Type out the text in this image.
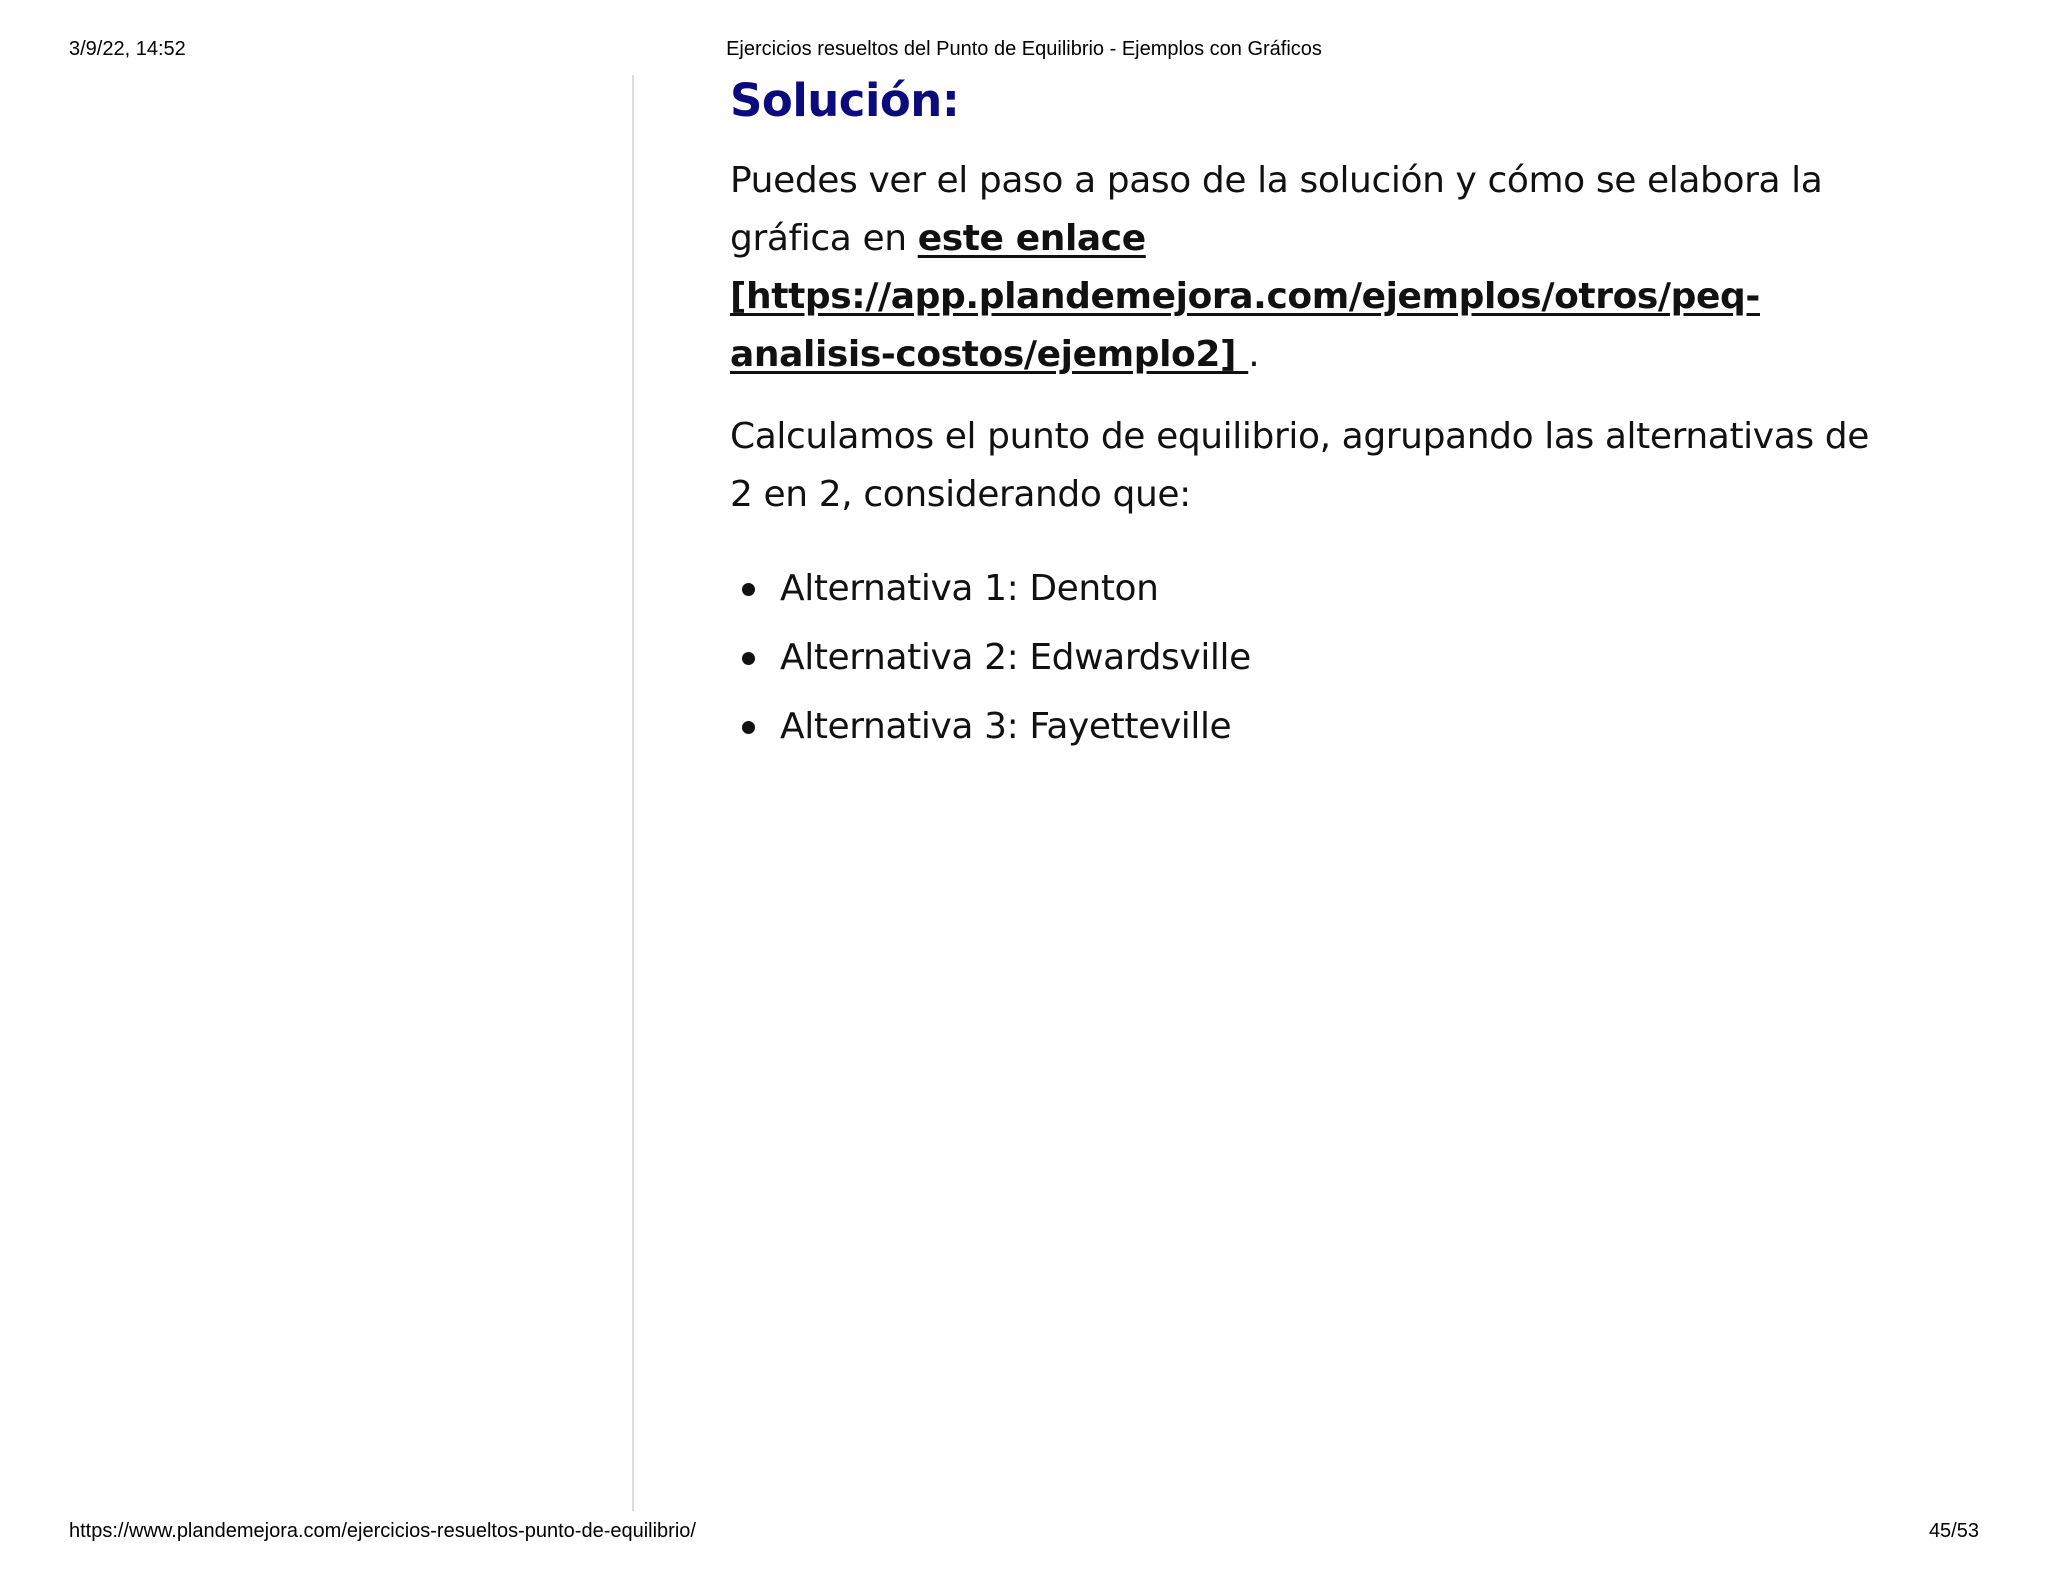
3/9/22, 14:52	Ejercicios resueltos del Punto de Equilibrio - Ejemplos con Gráficos
Solución:

Puedes ver el paso a paso de la solución y cómo se elabora la gráfica en este enlace [https://app.plandemejora.com/ejemplos/otros/peq-analisis-costos/ejemplo2] .

Calculamos el punto de equilibrio, agrupando las alternativas de 2 en 2, considerando que:

Alternativa 1: Denton
Alternativa 2: Edwardsville
Alternativa 3: Fayetteville
https://www.plandemejora.com/ejercicios-resueltos-punto-de-equilibrio/	45/53
